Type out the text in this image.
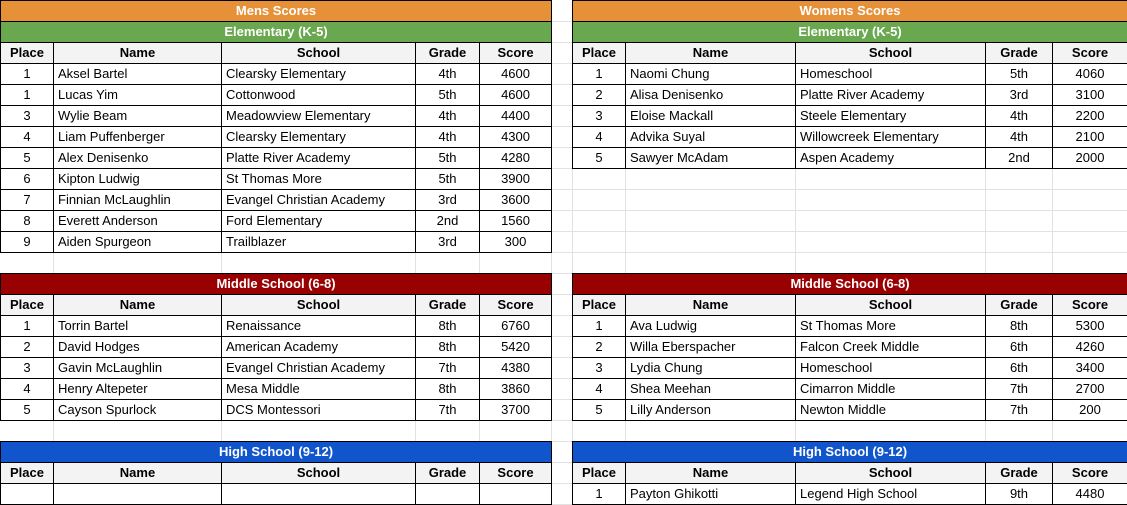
Mens Scores				
Elementary (K-5)				
Place	Name	School	Grade	Score
1	Aksel Bartel	Clearsky Elementary	4th	4600
1	Lucas Yim	Cottonwood	5th	4600
3	Wylie Beam	Meadowview Elementary	4th	4400
4	Liam Puffenberger	Clearsky Elementary	4th	4300
5	Alex Denisenko	Platte River Academy	5th	4280
6	Kipton Ludwig	St Thomas More	5th	3900
7	Finnian McLaughlin	Evangel Christian Academy	3rd	3600
8	Everett Anderson	Ford Elementary	2nd	1560
9	Aiden Spurgeon	Trailblazer	3rd	300
Middle School (6-8)				
Place	Name	School	Grade	Score
1	Torrin Bartel	Renaissance	8th	6760
2	David Hodges	American Academy	8th	5420
3	Gavin McLaughlin	Evangel Christian Academy	7th	4380
4	Henry Altepeter	Mesa Middle	8th	3860
5	Cayson Spurlock	DCS Montessori	7th	3700
High School (9-12)				
Place	Name	School	Grade	Score

Womens Scores				
Elementary (K-5)				
Place	Name	School	Grade	Score
1	Naomi Chung	Homeschool	5th	4060
2	Alisa Denisenko	Platte River Academy	3rd	3100
3	Eloise Mackall	Steele Elementary	4th	2200
4	Advika Suyal	Willowcreek Elementary	4th	2100
5	Sawyer McAdam	Aspen Academy	2nd	2000
Middle School (6-8)				
Place	Name	School	Grade	Score
1	Ava Ludwig	St Thomas More	8th	5300
2	Willa Eberspacher	Falcon Creek Middle	6th	4260
3	Lydia Chung	Homeschool	6th	3400
4	Shea Meehan	Cimarron Middle	7th	2700
5	Lilly Anderson	Newton Middle	7th	200
High School (9-12)				
Place	Name	School	Grade	Score
1	Payton Ghikotti	Legend High School	9th	4480
